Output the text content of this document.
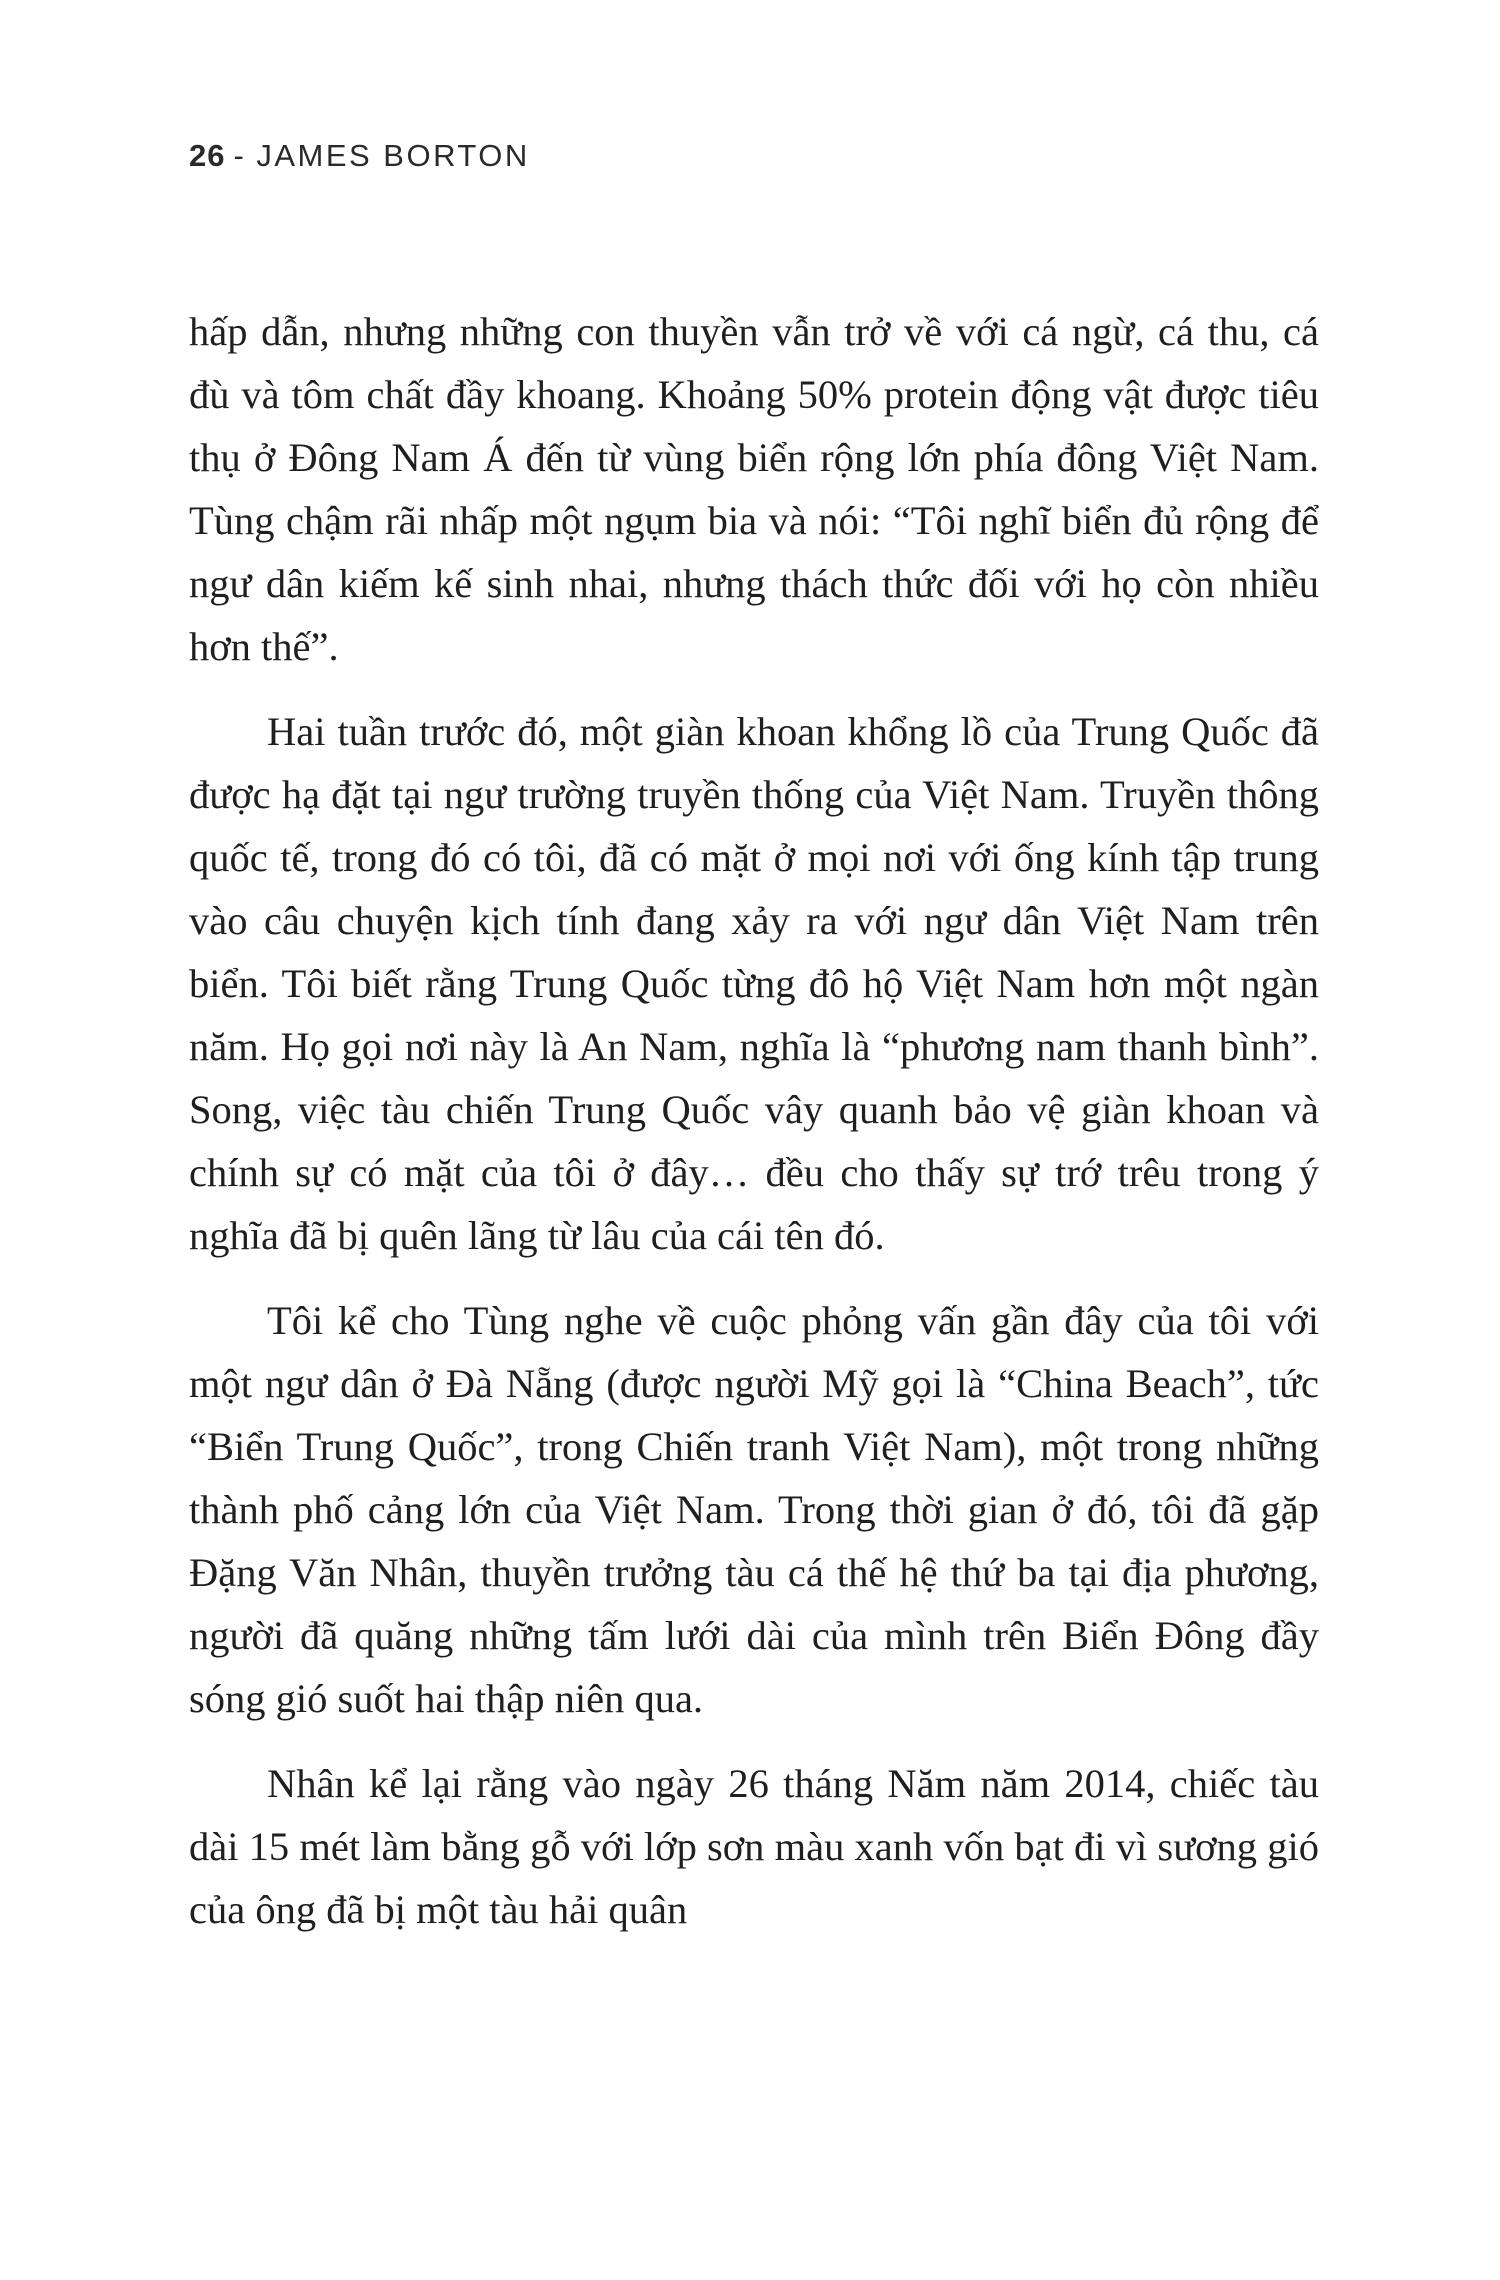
26 - JAMES BORTON

hấp dẫn, nhưng những con thuyền vẫn trở về với cá ngừ, cá thu, cá đù và tôm chất đầy khoang. Khoảng 50% protein động vật được tiêu thụ ở Đông Nam Á đến từ vùng biển rộng lớn phía đông Việt Nam. Tùng chậm rãi nhấp một ngụm bia và nói: “Tôi nghĩ biển đủ rộng để ngư dân kiếm kế sinh nhai, nhưng thách thức đối với họ còn nhiều hơn thế”.

Hai tuần trước đó, một giàn khoan khổng lồ của Trung Quốc đã được hạ đặt tại ngư trường truyền thống của Việt Nam. Truyền thông quốc tế, trong đó có tôi, đã có mặt ở mọi nơi với ống kính tập trung vào câu chuyện kịch tính đang xảy ra với ngư dân Việt Nam trên biển. Tôi biết rằng Trung Quốc từng đô hộ Việt Nam hơn một ngàn năm. Họ gọi nơi này là An Nam, nghĩa là “phương nam thanh bình”. Song, việc tàu chiến Trung Quốc vây quanh bảo vệ giàn khoan và chính sự có mặt của tôi ở đây… đều cho thấy sự trớ trêu trong ý nghĩa đã bị quên lãng từ lâu của cái tên đó.

Tôi kể cho Tùng nghe về cuộc phỏng vấn gần đây của tôi với một ngư dân ở Đà Nẵng (được người Mỹ gọi là “China Beach”, tức “Biển Trung Quốc”, trong Chiến tranh Việt Nam), một trong những thành phố cảng lớn của Việt Nam. Trong thời gian ở đó, tôi đã gặp Đặng Văn Nhân, thuyền trưởng tàu cá thế hệ thứ ba tại địa phương, người đã quăng những tấm lưới dài của mình trên Biển Đông đầy sóng gió suốt hai thập niên qua.

Nhân kể lại rằng vào ngày 26 tháng Năm năm 2014, chiếc tàu dài 15 mét làm bằng gỗ với lớp sơn màu xanh vốn bạt đi vì sương gió của ông đã bị một tàu hải quân
